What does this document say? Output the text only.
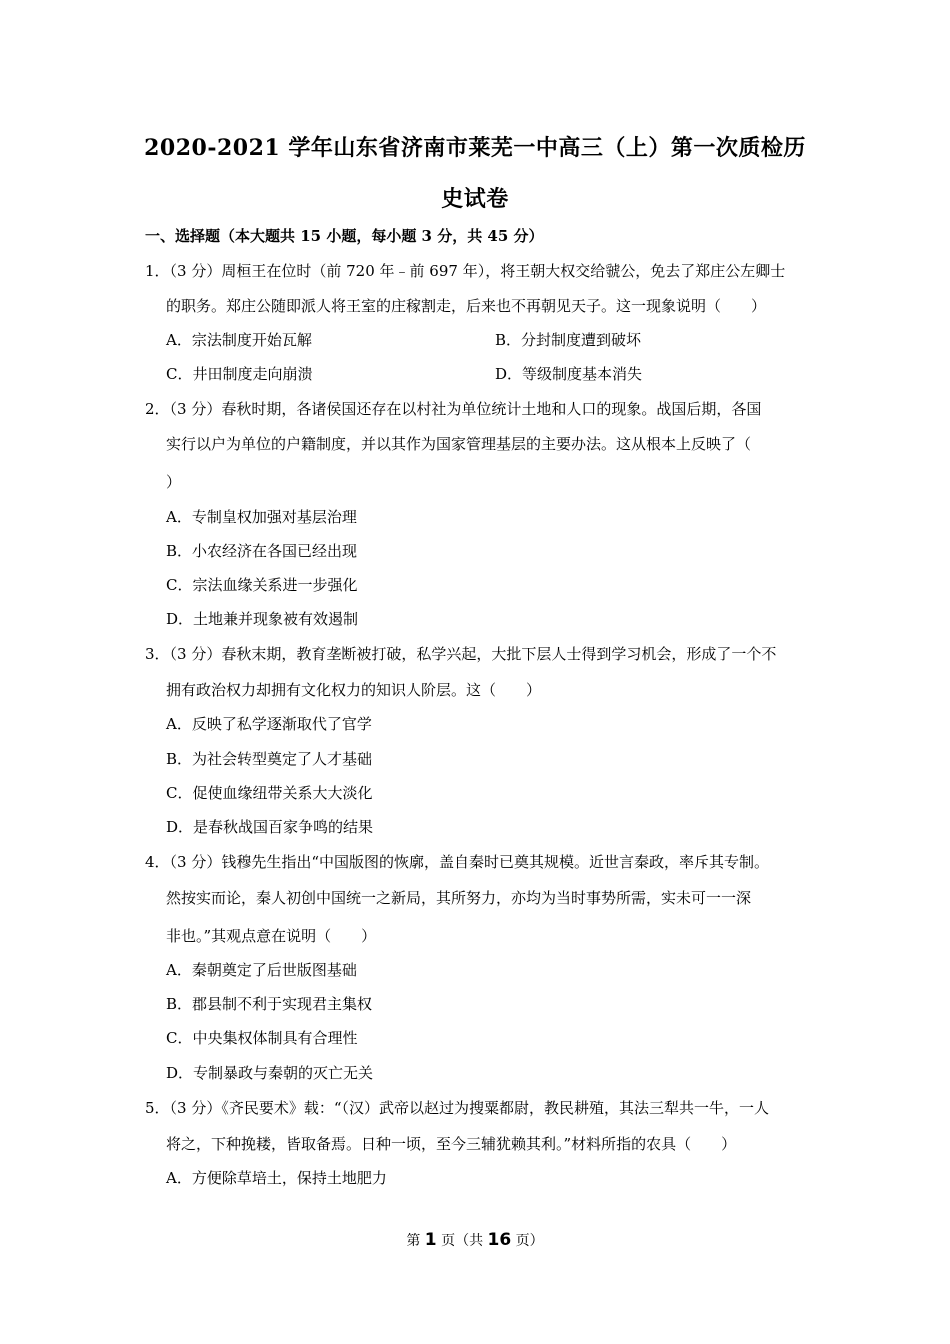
2020-2021 学年山东省济南市莱芜一中高三（上）第一次质检历
史试卷
一、选择题（本大题共 15 小题，每小题 3 分，共 45 分）
1．（3 分）周桓王在位时（前 720 年﹣前 697 年），将王朝大权交给虢公，免去了郑庄公左卿士
的职务。郑庄公随即派人将王室的庄稼割走，后来也不再朝见天子。这一现象说明（　　）
A．宗法制度开始瓦解	B．分封制度遭到破坏
C．井田制度走向崩溃	D．等级制度基本消失
2．（3 分）春秋时期，各诸侯国还存在以村社为单位统计土地和人口的现象。战国后期，各国
实行以户为单位的户籍制度，并以其作为国家管理基层的主要办法。这从根本上反映了（
）
A．专制皇权加强对基层治理
B．小农经济在各国已经出现
C．宗法血缘关系进一步强化
D．土地兼并现象被有效遏制
3．（3 分）春秋末期，教育垄断被打破，私学兴起，大批下层人士得到学习机会，形成了一个不
拥有政治权力却拥有文化权力的知识人阶层。这（　　）
A．反映了私学逐渐取代了官学
B．为社会转型奠定了人才基础
C．促使血缘纽带关系大大淡化
D．是春秋战国百家争鸣的结果
4．（3 分）钱穆先生指出“中国版图的恢廓，盖自秦时已奠其规模。近世言秦政，率斥其专制。
然按实而论，秦人初创中国统一之新局，其所努力，亦均为当时事势所需，实未可一一深
非也。”其观点意在说明（　　）
A．秦朝奠定了后世版图基础
B．郡县制不利于实现君主集权
C．中央集权体制具有合理性
D．专制暴政与秦朝的灭亡无关
5．（3 分）《齐民要术》载：“（汉）武帝以赵过为搜粟都尉，教民耕殖，其法三犁共一牛，一人
将之，下种挽耧，皆取备焉。日种一顷，至今三辅犹赖其利。”材料所指的农具（　　）
A．方便除草培土，保持土地肥力
第 1 页（共 16 页）
